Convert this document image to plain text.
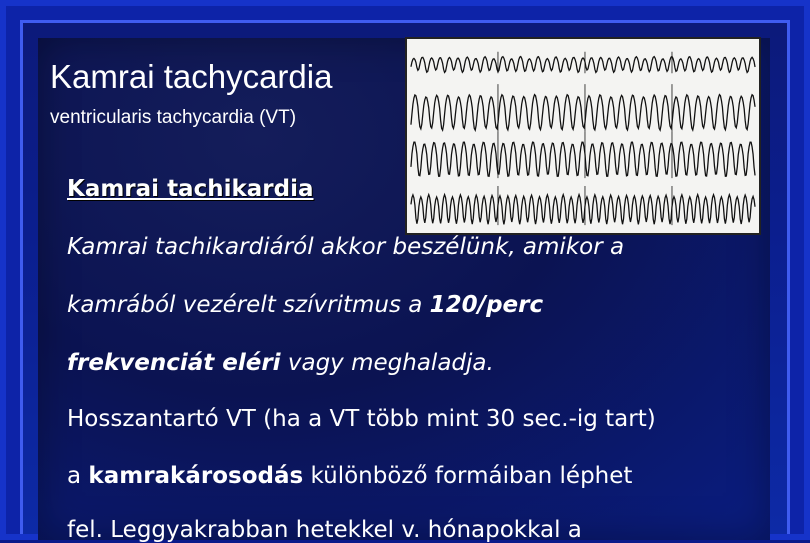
Kamrai tachycardia
ventricularis tachycardia (VT)
Kamrai tachikardia
Kamrai tachikardiáról akkor beszélünk, amikor a
kamrából vezérelt szívritmus a 120/perc
frekvenciát eléri vagy meghaladja.
Hosszantartó VT (ha a VT több mint 30 sec.-ig tart)
a kamrakárosodás különböző formáiban léphet
fel. Leggyakrabban hetekkel v. hónapokkal a
